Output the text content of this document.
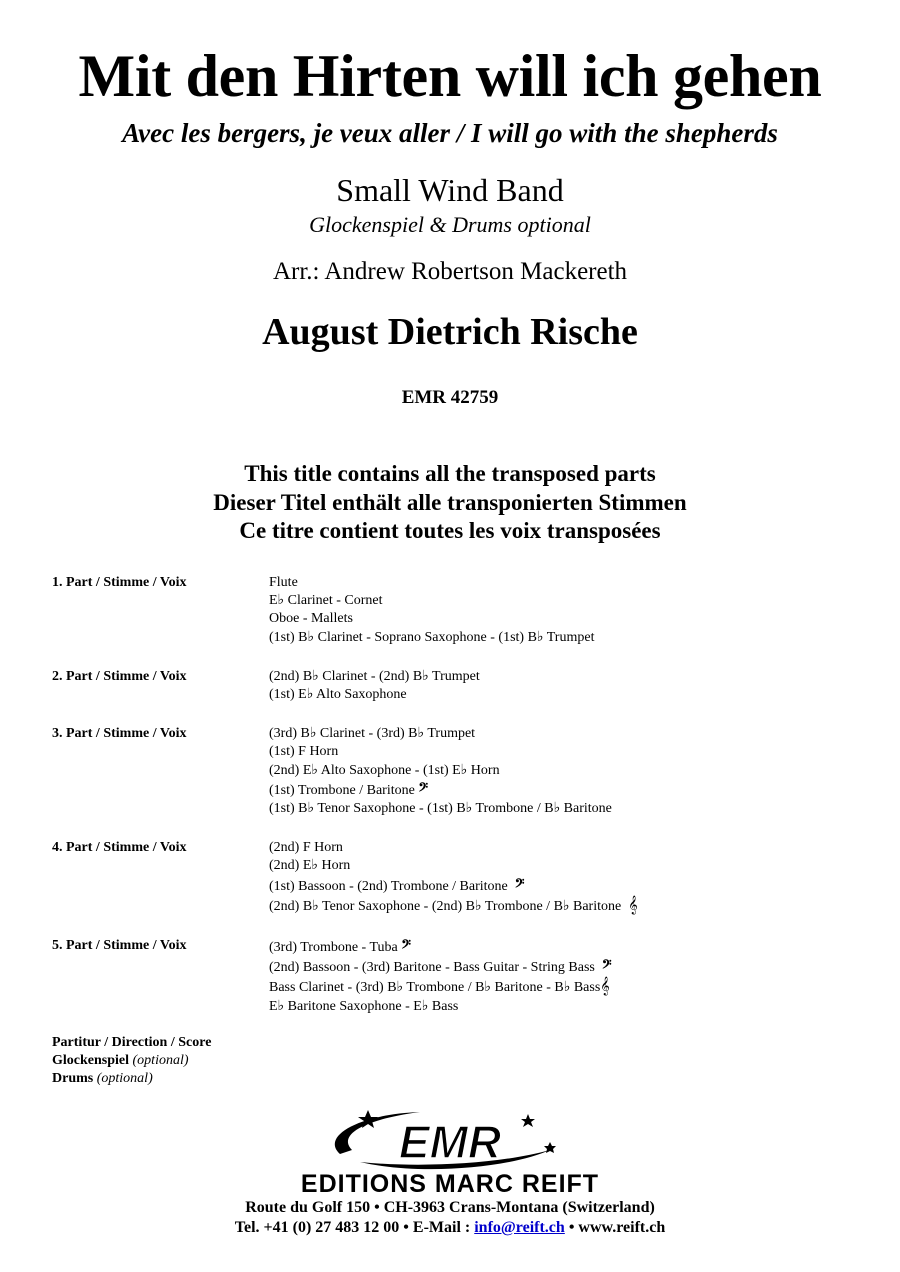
Mit den Hirten will ich gehen
Avec les bergers, je veux aller / I will go with the shepherds
Small Wind Band
Glockenspiel & Drums optional
Arr.: Andrew Robertson Mackereth
August Dietrich Rische
EMR 42759
This title contains all the transposed parts
Dieser Titel enthält alle transponierten Stimmen
Ce titre contient toutes les voix transposées
1. Part / Stimme / Voix	Flute
E♭ Clarinet - Cornet
Oboe - Mallets
(1st) B♭ Clarinet - Soprano Saxophone - (1st) B♭ Trumpet
2. Part / Stimme / Voix	(2nd) B♭ Clarinet - (2nd) B♭ Trumpet
(1st) E♭ Alto Saxophone
3. Part / Stimme / Voix	(3rd) B♭ Clarinet - (3rd) B♭ Trumpet
(1st) F Horn
(2nd) E♭ Alto Saxophone - (1st) E♭ Horn
(1st) Trombone / Baritone 𝄢
(1st) B♭ Tenor Saxophone - (1st) B♭ Trombone / B♭ Baritone
4. Part / Stimme / Voix	(2nd) F Horn
(2nd) E♭ Horn
(1st) Bassoon - (2nd) Trombone / Baritone 𝄢
(2nd) B♭ Tenor Saxophone - (2nd) B♭ Trombone / B♭ Baritone 𝄞
5. Part / Stimme / Voix	(3rd) Trombone - Tuba 𝄢
(2nd) Bassoon - (3rd) Baritone - Bass Guitar - String Bass 𝄢
Bass Clarinet - (3rd) B♭ Trombone / B♭ Baritone - B♭ Bass𝄞
E♭ Baritone Saxophone - E♭ Bass
Partitur / Direction / Score
Glockenspiel (optional)
Drums (optional)
EMR
EDITIONS MARC REIFT
Route du Golf 150 • CH-3963 Crans-Montana (Switzerland)
Tel. +41 (0) 27 483 12 00 • E-Mail : info@reift.ch • www.reift.ch
